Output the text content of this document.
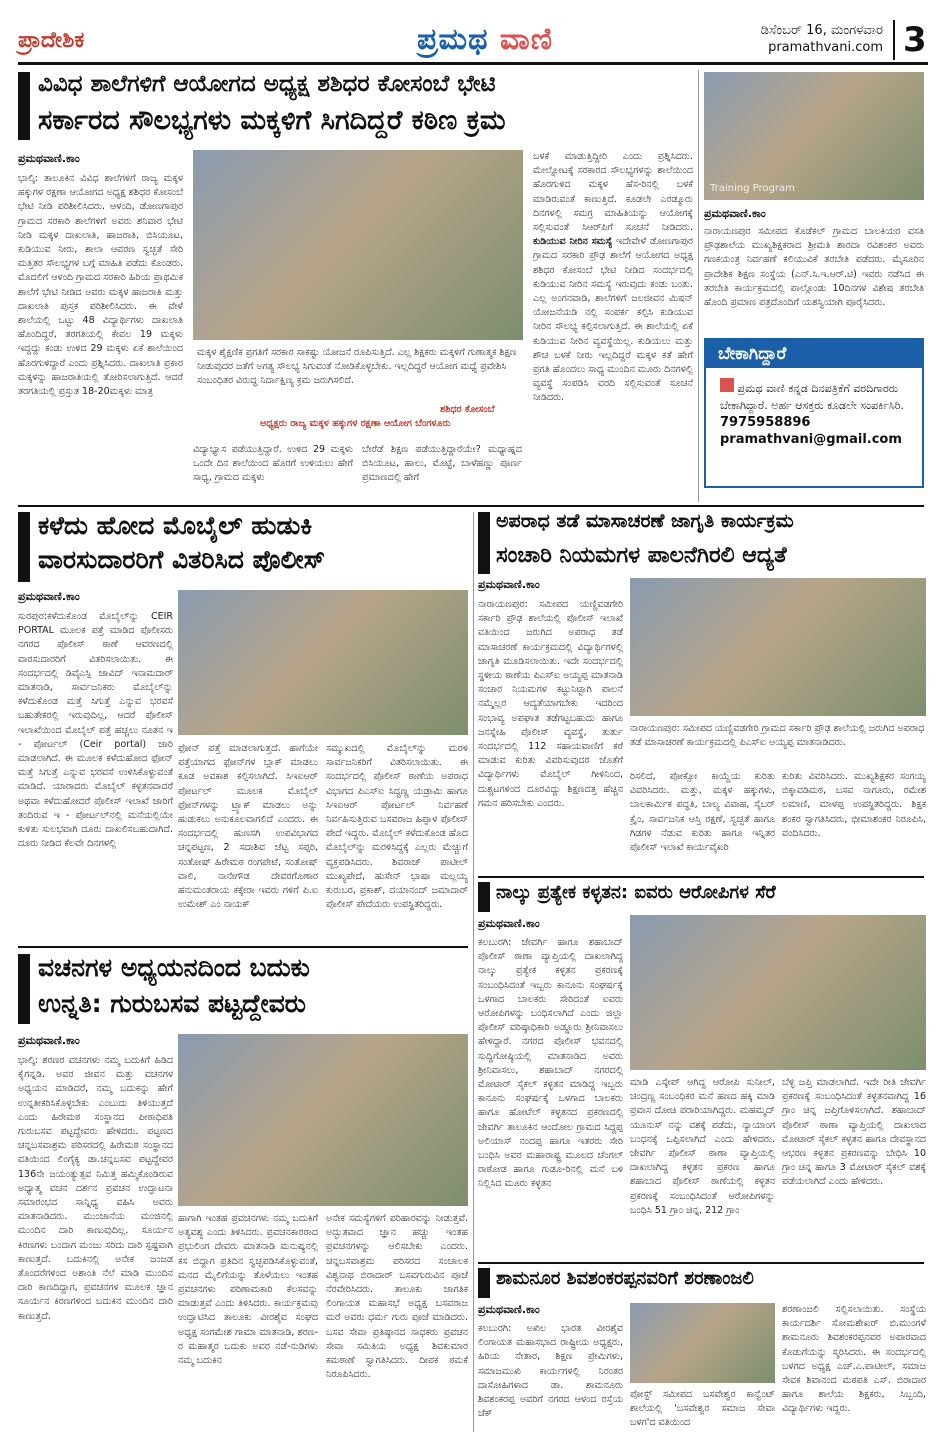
ಪ್ರಾದೇಶಿಕ	ಪ್ರಮಥ ವಾಣಿ	ಡಿಸೆಂಬರ್ 16, ಮಂಗಳವಾರ
pramathvani.com 3
ವಿವಿಧ ಶಾಲೆಗಳಿಗೆ ಆಯೋಗದ ಅಧ್ಯಕ್ಷ ಶಶಿಧರ ಕೋಸಂಬೆ ಭೇಟಿ
ಸರ್ಕಾರದ ಸೌಲಭ್ಯಗಳು ಮಕ್ಕಳಿಗೆ ಸಿಗದಿದ್ದರೆ ಕಠಿಣ ಕ್ರಮ
ಪ್ರಮಥವಾಣಿ.ಕಾಂ
ಭಾಲ್ಕಿ: ತಾಲೂಕಿನ ವಿವಿಧ ಶಾಲೆಗಳಿಗೆ ರಾಜ್ಯ ಮಕ್ಕಳ ಹಕ್ಕುಗಳ ರಕ್ಷಣಾ ಆಯೋಗದ ಅಧ್ಯಕ್ಷ ಶಶಿಧರ ಕೋಸಂಬೆ ಭೇಟಿ ನೀಡಿ ಪರಿಶೀಲಿಸಿದರು. ಆಳಂದಿ, ಡೋಣಗಾಪುರ ಗ್ರಾಮದ ಸರಕಾರಿ ಶಾಲೆಗಳಿಗೆ ಅವರು ಶನಿವಾರ ಭೇಟಿ ನೀಡಿ ಮಕ್ಕಳ ದಾಖಲಾತಿ, ಹಾಜರಾತಿ, ಬಿಸಿಯೂಟ, ಕುಡಿಯುವ ನೀರು, ಶಾಲಾ ಆವರಣ ಸ್ವಚ್ಛತೆ ಸೇರಿ ಮತ್ತಿತರ ಸೌಲಭ್ಯಗಳ ಬಗ್ಗೆ ಮಾಹಿತಿ ಪಡೆದು ಕೊಂಡರು. ಮೊದಲಿಗೆ ಆಳಂದಿ ಗ್ರಾಮದ ಸರಕಾರಿ ಹಿರಿಯ ಪ್ರಾಥಮಿಕ ಶಾಲೆಗೆ ಭೇಟಿ ನೀಡಿದ ಅವರು ಮಕ್ಕಳ ಹಾಜರಾತಿ ಮತ್ತು ದಾಖಲಾತಿ ಪುಸ್ತಕ ಪರಿಶೀಲಿಸಿದರು. ಈ ವೇಳೆ ಶಾಲೆಯಲ್ಲಿ ಒಟ್ಟು 48 ವಿದ್ಯಾರ್ಥಿಗಳು ದಾಖಲಾತಿ ಹೊಂದಿದ್ದರೆ, ತರಗತಿಯಲ್ಲಿ ಕೇವಲ 19 ಮಕ್ಕಳು ಇದ್ದದ್ದು ಕಂಡು ಉಳಿದ 29 ಮಕ್ಕಳು ಏಕೆ ಶಾಲೆಯಿಂದ ಹೊರಗುಳಿದ್ದಾರೆ ಎಂದು ಪ್ರಶ್ನಿಸಿದರು. ದಾಖಲಾತಿ ಪ್ರಕಾರ ಮಕ್ಕಳನ್ನು ಹಾಜರಾತಿಯಲ್ಲಿ ತೋರಿಸಲಾಗುತ್ತಿದೆ. ಆದರೆ ತರಗತಿಯಲ್ಲಿ ಪ್ರಸ್ತುತ 18-20ಮಕ್ಕಳು ಮಾತ್ರ
ಮಕ್ಕಳ ಶೈಕ್ಷಣಿಕ ಪ್ರಗತಿಗೆ ಸರಕಾರ ಸಾಕಷ್ಟು ಯೋಜನೆ ರೂಪಿಸುತ್ತಿದೆ. ಎಲ್ಲ ಶಿಕ್ಷಕರು ಮಕ್ಕಳಿಗೆ ಗುಣಾತ್ಮಕ ಶಿಕ್ಷಣ ನೀಡುವುದರ ಜತೆಗೆ ಅಗತ್ಯ ಸೌಲಭ್ಯ ಸಿಗುವಂತೆ ನೋಡಿಕೊಳ್ಳಬೇಕು. ಇಲ್ಲದಿದ್ದರೆ ಆಯೋಗ ಮಧ್ಯೆ ಪ್ರವೇಶಿಸಿ ಸಂಬಂಧಿತರ ವಿರುದ್ಧ ನಿರ್ದಾಕ್ಷಿಣ್ಯ ಕ್ರಮ ಜರುಗಿಸಲಿದೆ.
ಶಶಿಧರ ಕೋಸಂಬೆ
ಅಧ್ಯಕ್ಷರು ರಾಜ್ಯ ಮಕ್ಕಳ ಹಕ್ಕುಗಳ ರಕ್ಷಣಾ ಆಯೋಗ ಬೆಂಗಳೂರು
ವಿದ್ಯಾಭ್ಯಾಸ ಪಡೆಯುತ್ತಿದ್ದಾರೆ. ಉಳಿದ 29 ಮಕ್ಕಳು ಒಂದೇ ದಿನ ಶಾಲೆಯಿಂದ ಹೊರಗೆ ಉಳಿಯಲು ಹೇಗೆ ಸಾಧ್ಯ, ಗ್ರಾಮದ ಮಕ್ಕಳು
ಬೇರೆಡೆ ಶಿಕ್ಷಣ ಪಡೆಯುತ್ತಿದ್ದಾರೆಯೇ? ಮಧ್ಯಾಹ್ನದ ಬಿಸಿಯೂಟ, ಹಾಲು, ಮೊಟ್ಟೆ, ಬಾಳೆಹಣ್ಣು ಪೂರ್ಣ ಪ್ರಮಾಣದಲ್ಲಿ ಹೇಗೆ
ಬಳಕೆ ಮಾಡುತ್ತಿದ್ದೀರಿ ಎಂದು ಪ್ರಶ್ನಿಸಿದರು. ಮೇಲ್ನೋಟಕ್ಕೆ ಸರಕಾರದ ಸೌಲಭ್ಯಗಳನ್ನು ಶಾಲೆಯಿಂದ ಹೊರಗುಳಿದ ಮಕ್ಕಳ ಹೆಸ-ರಿನಲ್ಲಿ ಬಳಕೆ ಮಾಡಿರುವಂತೆ ಕಾಣುತ್ತಿದೆ. ಕೂಡಲೇ ಎರಡ್ಮೂರು ದಿನಗಳಲ್ಲಿ ಸಮಗ್ರ ಮಾಹಿತಿಯನ್ನು ಆಯೋಗಕ್ಕೆ ಸಲ್ಲಿಸುವಂತೆ ಸಿಆರ್‌ಪಿಗೆ ಸೂಚನೆ ನೀಡಿದರು. ಕುಡಿಯುವ ನೀರಿನ ಸಮಸ್ಯೆ ಇದೇವೇಳೆ ಡೋಣಗಾಪುರ ಗ್ರಾಮದ ಸರಕಾರಿ ಪ್ರೌಢ ಶಾಲೆಗೆ ಆಯೋಗದ ಅಧ್ಯಕ್ಷ ಶಶಿಧರ ಕೋಸಂಬೆ ಭೇಟಿ ನೀಡಿದ ಸಂದರ್ಭದಲ್ಲಿ ಕುಡಿಯುವ ನೀರಿನ ಸಮಸ್ಯೆ ಇರುವುದು ಕಂಡು ಬಂತು. ಎಲ್ಲ ಅಂಗನವಾಡಿ, ಶಾಲೆಗಳಿಗೆ ಜಲಜೀವನ ಮಿಷನ್ ಯೋಜನೆಯಡಿ ನಲ್ಲಿ ಸಂಪರ್ಕ ಕಲ್ಪಿಸಿ ಕುಡಿಯುವ ನೀರಿನ ಸೌಲಭ್ಯ ಕಲ್ಪಿಸಲಾಗುತ್ತಿದೆ. ಈ ಶಾಲೆಯಲ್ಲಿ ಏಕೆ ಕುಡಿಯುವ ನೀರಿನ ವ್ಯವಸ್ಥೆಯಿಲ್ಲ. ಕುಡಿಯಲು ಮತ್ತು ಶೌಚ ಬಳಕೆ ನೀರು ಇಲ್ಲದಿದ್ದರೆ ಮಕ್ಕಳ ಕತೆ ಹೇಗೆ ಪ್ರಗತಿ ಹೊಂದಲು ಸಾಧ್ಯ ಮುಂದಿನ ಮೂರು ದಿನಗಳಲ್ಲಿ ವ್ಯವಸ್ಥೆ ಸಂಪಡಿಸಿ ವರದಿ ಸಲ್ಲಿಸುವಂತೆ ಸೂಚನೆ ನೀಡಿದರು.
Training Program
ಪ್ರಮಥವಾಣಿ.ಕಾಂ
ನಾರಾಯಣಪುರ ಸಮೀಪದ ಕೊಡೆಕಲ್ ಗ್ರಾಮದ ಬಾಲಕಿಯರ ವಸತಿ ಪ್ರೌಢಶಾಲೆಯ ಮುಖ್ಯಶಿಕ್ಷಕರಾದ ಶ್ರೀಮತಿ ಶಾರದಾ ರವಿಶಂಕರ ಅವರು ಗಣಕಯಂತ್ರ ನಿರ್ವಹಣೆ ಕಲಿಯುವಿಕೆ ತರಬೇತಿ ಪಡೆದರು. ಮೈಸೂರಿನ ಪ್ರಾದೇಶಿಕ ಶಿಕ್ಷಣ ಸಂಸ್ಥೆಯ (ಎನ್.ಸಿ.ಇ.ಆರ್.ಟಿ) ಇವರು ನಡೆಸಿದ ಈ ತರಬೇತಿ ಕಾರ್ಯಕ್ರಮದಲ್ಲಿ ಪಾಲ್ಗೊಂಡು 10ದಿನಗಳ ವಿಶೇಷ ತರಬೇತಿ ಹೊಂದಿ ಪ್ರಮಾಣ ಪತ್ರದೊಂದಿಗೆ ಯಶಸ್ವಿಯಾಗಿ ಪೂರೈಸಿದರು.
ಬೇಕಾಗಿದ್ದಾರೆ
ಪ್ರಮಥ ವಾಣಿ ಕನ್ನಡ ದಿನಪತ್ರಿಕೆಗೆ ವರದಿಗಾರರು ಬೇಕಾಗಿದ್ದಾರೆ. ಅರ್ಹ ಆಸಕ್ತರು ಕೂಡಲೇ ಸಂಪರ್ಕಿಸಿರಿ.
7975958896
pramathvani@gmail.com
ಕಳೆದು ಹೋದ ಮೊಬೈಲ್ ಹುಡುಕಿ
ವಾರಸುದಾರರಿಗೆ ವಿತರಿಸಿದ ಪೊಲೀಸ್
ಪ್ರಮಥವಾಣಿ.ಕಾಂ
ಸುರಪುರ:ಕಳೆದುಕೊಂಡ ಮೊಬೈಲ್‌ನ್ನು CEIR PORTAL ಮೂಲಕ ಪತ್ತೆ ಮಾಡಿದ ಪೊಲೀಸರು ನಗರದ ಪೊಲೀಸ್ ಠಾಣೆ ಆವರಣದಲ್ಲಿ ವಾರಸುದಾರರಿಗೆ ವಿತರಿಸಲಾಯಿತು. ಈ ಸಂದರ್ಭದಲ್ಲಿ ಡಿವೈಎಸ್ಪಿ ಜಾವಿದ್ ಇನಾಮದಾರ್ ಮಾತನಾಡಿ, ಸಾರ್ವಜನಿಕರು ಮೊಬೈಲ್‌ನ್ನು ಕಳೆದುಕೊಂಡ ಮತ್ತೆ ಸಿಗುತ್ತೆ ಎನ್ನುವ ಭರವಸೆ ಬಹುತೇಕರಲ್ಲಿ ಇರುವುದಿಲ್ಲ, ಆದರೆ ಪೊಲೀಸ್ ಇಲಾಖೆಯಿಂದ ಮೊಬೈಲ್ ಪತ್ತೆ ಹಚ್ಚಲು ನೂತನ ಇ - ಪೋರ್ಟಲ್ (Ceir portal) ಜಾರಿ ಮಾಡಲಾಗಿದೆ. ಈ ಮೂಲಕ ಕಳೆದುಹೋದ ಫೋನ್ ಮತ್ತೆ ಸಿಗುತ್ತೆ ಎನ್ನುವ ಭರವಸೆ ಉಳಿಸಿಕೊಳ್ಳುವಂತೆ ಮಾಡಿದೆ. ಯಾರಾದರು ಮೊಬೈಲ್ ಕಳ್ಳತನವಾದರೆ ಅಥವಾ ಕಳೆದುಹೋದರೆ ಪೊಲೀಸ್ ಇಲಾಖೆ ಜಾರಿಗೆ ತಂದಿರುವ ಇ - ಪೋರ್ಟಲ್‌ನಲ್ಲಿ ಮನೆಯಲ್ಲಿಯೇ ಕುಳಿತು ಸುಲಭವಾಗಿ ದೂರು ದಾಖಲಿಸಬಹುದಾಗಿದೆ. ದೂರು ನೀಡಿದ ಕೆಲವೇ ದಿನಗಳಲ್ಲಿ
ಫೋನ್ ಪತ್ತೆ ಮಾಡಲಾಗುತ್ತದೆ. ಹಾಗೆಯೇ ಪತ್ತೆಯಾಗದ ಫೋನ್‌ಗಳ ಬ್ಲಾಕ್ ಮಾಡಲು ಕೂಡ ಅವಕಾಶ ಕಲ್ಪಿಸಲಾಗಿದೆ. ಸಿಇಐಆರ್ ಪೋರ್ಟಲ್ ಮೂಲಕ ಮೊಬೈಲ್ ಫೋನ್‌ಗಳನ್ನು ಟ್ರ್ಯಾಕ್ ಮಾಡಲು ಅನ್ನು ಹುಡುಕಲು ಅನುಕೂಲವಾಗಲಿದೆ ಎಂದರು. ಈ ಸಂದರ್ಭದಲ್ಲಿ ಹುಣಸಗಿ ಉಪವಿಭಾಗದ ಚನ್ನಪಟ್ಟಣ, 2 ಸದಾಶಿವ ಜೆಟ್ಟ ಸಪ್ಪರಿ, ಸಂತೋಷ್ ಹಿರೇಮಠ ರಂಗಪೇಟೆ, ಸಂತೋಷ್ ವಾಲಿ, ನಾನೇಗೌಡ ದೇವರಗೊಣಾರ ಹನುಮಂತರಾಯ ಕಕ್ಕೇರಾ ಇವರು ಗಳಿಗೆ ಪಿ.ಐ ಉಮೇಶ್ ಎಂ ನಾಯಕ್
ಸಮ್ಮುಖದಲ್ಲಿ ಮೊಬೈಲ್‌ನ್ನು ಮರಳಿ ಸಾರ್ವಜನಿಕರಿಗೆ ವಿತರಿಸಲಾಯಿತು. ಈ ಸಂದರ್ಭದಲ್ಲಿ ಪೊಲೀಸ್ ಠಾಣೆಯ ಅಪರಾಧ ವಿಭಾಗದ ಪಿಎಸ್ಐ ಸಿದ್ದಣ್ಣ ಯಡ್ರಾಮಿ ಹಾಗೂ ಸಿಇಐಆರ್ ಪೋರ್ಟಲ್ ನಿರ್ವಹಣೆ ನಿರ್ವಹಿಸುತ್ತಿರುವ ಬಸವರಾಜ ಹಿಪ್ಪಾಳ ಪೊಲೀಸ್ ಪೇದೆ ಇದ್ದರು. ಮೊಬೈಲ್ ಕಳೆದುಕೊಂಡ ಹೊದ ಮೊಬೈಲ್‌ನ್ನು ಮರಳಿಸಿದ್ದಕ್ಕೆ ಎಲ್ಲರು ಮೆಚ್ಚುಗೆ ವ್ಯಕ್ತಪಡಿಸಿದರು. ಶಿವರಾಜ್ ಪಾಟೀಲ್ ಮುಖ್ಯಪೇದೆ, ಹುಸೇನ್ ಭಾಷಾ ಮಲ್ಲಯ್ಯ ಕುರುಬರ, ಪ್ರಕಾಶ್, ದಯಾನಂದ್ ಜಮಾದಾರ್ ಪೊಲೀಸ್ ಪೇದೆಯರು ಉಪಸ್ಥಿತರಿದ್ದರು.
ಅಪರಾಧ ತಡೆ ಮಾಸಾಚರಣೆ ಜಾಗೃತಿ ಕಾರ್ಯಕ್ರಮ
ಸಂಚಾರಿ ನಿಯಮಗಳ ಪಾಲನೆಗಿರಲಿ ಆದ್ಯತೆ
ಪ್ರಮಥವಾಣಿ.ಕಾಂ
ನಾರಾಯಣಪುರ: ಸಮೀಪದ ಯಣ್ಣಿವಡಗೇರಿ ಸರ್ಕಾರಿ ಪ್ರೌಢ ಶಾಲೆಯಲ್ಲಿ ಪೊಲೀಸ್ ಇಲಾಖೆ ವತಿಯಿಂದ ಜರುಗಿದ ಅಪರಾಧ ತಡೆ ಮಾಸಾಚರಣೆ ಕಾರ್ಯಕ್ರಮದಲ್ಲಿ ವಿದ್ಯಾರ್ಥಿಗಳಲ್ಲಿ ಜಾಗೃತಿ ಮೂಡಿಸಲಾಯಿತು. ಇದೇ ಸಂದರ್ಭದಲ್ಲಿ ಸ್ಥಳೀಯ ಠಾಣೆಯ ಪಿಎಸ್‌ಐ ಅಯ್ಯಪ್ಪ ಮಾತನಾಡಿ ಸಂಚಾರ ನಿಯಮಗಳ ಕಟ್ಟುನಿಟ್ಟಾಗಿ ಪಾಲನೆ ನಮ್ಮೆಲ್ಲರ ಆದ್ಯತೆಯಾಗಬೇಕು ಇದರಿಂದ ಸಂಭಾವ್ಯ ಅಪಘಾತ ತಡೆಗಟ್ಟಬಹುದು ಹಾಗೂ ಜನಸ್ನೇಹಿ ಪೊಲೀಸ್ ವ್ಯವಸ್ಥೆ, ತುರ್ತು ಸಂದರ್ಭದಲ್ಲಿ 112 ಸಹಾಯವಾಣಿಗೆ ಕರೆ ಮಾಡುವ ಕುರಿತು ವಿವರಿಸುವುದರ ಜೊತೆಗೆ ವಿದ್ಯಾರ್ಥಿಗಳು ಮೊಬೈಲ್ ಗೀಳಿನಿಂದ, ದುಶ್ಚಟಗಳಿಂದ ದೂರವಿದ್ದು ಶಿಕ್ಷಣದತ್ತ ಹೆಚ್ಚಿನ ಗಮನ ಹರಿಸಬೇಕು ಎಂದರು.
ನಾರಾಯಣಪುರ: ಸಮೀಪದ ಯಣ್ಣಿವಡಗೇರಿ ಗ್ರಾಮದ ಸರ್ಕಾರಿ ಪ್ರೌಢ ಶಾಲೆಯಲ್ಲಿ ಜರುಗಿದ ಅಪರಾಧ ತಡೆ ಮಾಸಾಚರಣೆ ಕಾರ್ಯಕ್ರಮದಲ್ಲಿ ಪಿಎಸ್‌ಐ ಅಯ್ಯಪ್ಪ ಮಾತನಾಡಿದರು.
ರಿಸಲಿದೆ, ಪೋಕ್ಸೋ ಕಾಯ್ದೆಯ ಕುರಿತು ವಿವರಿಸಿದರು. ಮತ್ತು, ಮಕ್ಕಳ ಹಕ್ಕುಗಳು, ಬಾಲಕಾರ್ಮಿಕ ಪದ್ಧತಿ, ಬಾಲ್ಯ ವಿವಾಹ, ಸೈಬರ್ ಕ್ರೈಂ, ಸಾರ್ವಜನಿಕ ಆಸ್ತಿ ರಕ್ಷಣೆ, ಸ್ವಚ್ಛತೆ ಹಾಗೂ ಗಿಡಗಳ ನೆಡುವ ಕುರಿತು ಹಾಗೂ ಇನ್ನಿತರ ಪೊಲೀಸ್ ಇಲಾಖೆ ಕಾರ್ಯವೈಖರಿ
ಕುರಿತು ವಿವರಿಸಿದರು. ಮುಖ್ಯಶಿಕ್ಷಕರ ಸಂಗಯ್ಯ ಬಿಕ್ಕಾವಡಿಮಠ, ಬಸವ ನಾಗೂರು, ರಮೇಶ ಲಮಾಣಿ, ಮಾಳಪ್ಪ ಉಪಸ್ಥಿತರಿದ್ದರು. ಶಿಕ್ಷಕ ಶಂಕರ ಸ್ವಾಗತಿಸಿದರು, ಭೀಮಾಶಂಕರ ನಿರೂಪಿಸಿ, ವಂದಿಸಿದರು.
ನಾಲ್ಕು ಪ್ರತ್ಯೇಕ ಕಳ್ಳತನ: ಐವರು ಆರೋಪಿಗಳ ಸೆರೆ
ಪ್ರಮಥವಾಣಿ.ಕಾಂ
ಕಲಬುರಗಿ: ಜೇವರ್ಗಿ ಹಾಗೂ ಶಹಾಬಾದ್ ಪೊಲೀಸ್ ಠಾಣಾ ವ್ಯಾಪ್ತಿಯಲ್ಲಿ ದಾಖಲಾಗಿದ್ದ ನಾಲ್ಕು ಪ್ರತ್ಯೇಕ ಕಳ್ಳತನ ಪ್ರಕರಣಕ್ಕೆ ಸಂಬಂಧಿಸಿದಂತೆ ಇಬ್ಬರು ಕಾನೂನು ಸಂಘರ್ಷಕ್ಕೆ ಒಳಗಾದ ಬಾಲಕರು ಸೇರಿದಂತೆ ಐವರು ಆರೋಪಿಗಳನ್ನು ಬಂಧಿಸಲಾಗಿದೆ ಎಂದು ಜಿಲ್ಲಾ ಪೊಲೀಸ್ ವರಿಷ್ಠಾಧಿಕಾರಿ ಅಡ್ಡೂರು ಶ್ರೀನಿವಾಸಲು ಹೇಳಿದ್ದಾರೆ. ನಗರದ ಪೊಲೀಸ್ ಭವನದಲ್ಲಿ ಸುದ್ದಿಗೋಷ್ಠಿಯಲ್ಲಿ ಮಾತನಾಡಿದ ಅವರು ಶ್ರೀನಿವಾಸಲು, ಶಹಾಬಾದ್ ನಗರದಲ್ಲಿ ಮೋಟಾರ್ ಸೈಕಲ್ ಕಳ್ಳತನ ಮಾಡಿದ್ದ ಇಬ್ಬರು ಕಾನೂನು ಸಂಘರ್ಷಕ್ಕೆ ಒಳಗಾದ ಬಾಲಕರು ಹಾಗೂ ಹೋಟೆಲ್ ಕಳ್ಳತನದ ಪ್ರಕರಣದಲ್ಲಿ ಜೇವರ್ಗಿ ತಾಲೂಕಿನ ಆಂದೋಲ ಗ್ರಾಮದ ಸಿದ್ದಪ್ಪ ಅಲಿಯಾಸ್ ನಂದಪ್ಪ ಹಾಗೂ ಇತರರು ಸೇರಿ ಬಂಧಿಸಿ ಅವರ ಮಹಾರಾಷ್ಟ್ರ ಮೂಲದ ಚೆಂಗಲ್ ರಾಠೋಡ ಹಾಗೂ ಗುಡೂ-ರಿನಲ್ಲಿ ಮನೆ ಬಳಿ ನಿಲ್ಲಿಸಿದ ಮೂರು ಕಳ್ಳತನ
ಮಾಡಿ ಎಸ್ಕೇಪ್ ಆಗಿದ್ದ ಆರೋಪಿ ಸುನೀಲ್, ಚಂದ್ರಣ್ಣ ಸಂಬಂಧಿಕರ ಮನೆ ಹಣದ ಹಕ್ಕಿ ಮಾಡಿ ಪ್ರವಾಸ ದೋಚಿ ಪರಾರಿಯಾಗಿದ್ದರು. ಮಹಮ್ಮದ್ ಯೂನುಸ್ ನನ್ನು ವಶಕ್ಕೆ ಪಡೆದು, ನ್ಯಾಯಾಂಗ ಬಂಧನಕ್ಕೆ ಒಪ್ಪಿಸಲಾಗಿದೆ ಎಂದು ಹೇಳಿದರು. ಜೇವರ್ಗಿ ಪೊಲೀಸ್ ಠಾಣಾ ವ್ಯಾಪ್ತಿಯಲ್ಲಿ ದಾಖಲಾಗಿದ್ದ ಕಳ್ಳತನ ಪ್ರಕರಣ ಹಾಗೂ ಶಹಾಬಾದ ಪೊಲೀಸ್ ಠಾಣೆಯಲ್ಲಿ ಕಳ್ಳತನ ಪ್ರಕರಣಕ್ಕೆ ಸಂಬಂಧಿಸಿದಂತೆ ಆರೋಪಿಗಳನ್ನು ಬಂಧಿಸಿ 51 ಗ್ರಾಂ ಚಿನ್ನ, 212 ಗ್ರಾಂ
ಬೆಳ್ಳಿ ಜಪ್ತಿ ಮಾಡಲಾಗಿದೆ. ಇದೇ ರೀತಿ ಜೇವರ್ಗಿ ಪ್ರಕರಣಕ್ಕೆ ಸಂಬಂಧಿಸಿದಂತೆ ಕಳ್ಳತನವಾಗಿದ್ದ 16 ಗ್ರಾಂ ಚಿನ್ನ ಜಪ್ತಿಗೊಳಿಸಲಾಗಿದೆ. ಶಹಾಬಾದ್ ಪೊಲೀಸ್ ಠಾಣಾ ವ್ಯಾಪ್ತಿಯಲ್ಲಿ ದಾಖಲಾದ ಮೋಟಾರ್ ಸೈಕಲ್ ಕಳ್ಳತನ ಹಾಗೂ ದೇವಸ್ಥಾನದ ಆಭರಣ ಕಳ್ಳತನ ಪ್ರಕರಣವನ್ನು ಬೇಧಿಸಿ 10 ಗ್ರಾಂ ಚಿನ್ನ ಹಾಗೂ 3 ಮೋಟಾರ್ ಸೈಕಲ್ ವಶಕ್ಕೆ ಪಡೆಯಲಾಗಿದೆ ಎಂದು ಹೇಳಿದರು.
ವಚನಗಳ ಅಧ್ಯಯನದಿಂದ ಬದುಕು
ಉನ್ನತಿ: ಗುರುಬಸವ ಪಟ್ಟದ್ದೇವರು
ಪ್ರಮಥವಾಣಿ.ಕಾಂ
ಭಾಲ್ಕಿ: ಶರಣರ ವಚನಗಳು ನಮ್ಮ ಬದುಕಿಗೆ ಹಿಡಿದ ಕೈಗನ್ನಡಿ. ಅವರ ಜೀವನ ಮತ್ತು ವಚನಗಳ ಅಧ್ಯಯನ ಮಾಡಿದರೆ, ನಮ್ಮ ಬದುಕನ್ನು ಹೇಗೆ ಉನ್ನತೀಕರಿಸಿಕೊಳ್ಳಬೇಕು ಎಂಬುದು ತಿಳಿಯುತ್ತದೆ ಎಂದು ಹಿರೇಮಠ ಸಂಸ್ಥಾನದ ಪೀಠಾಧಿಪತಿ ಗುರುಬಸವ ಪಟ್ಟದ್ದೇವರು ಹೇಳಿದರು. ಪಟ್ಟಣದ ಚನ್ನಬಸವಾಶ್ರಮ ಪರಿಸರದಲ್ಲಿ ಹಿರೇಮಠ ಸಂಸ್ಥಾನದ ವತಿಯಿಂದ ಲಿಂಗೈಕ್ಯ ಡಾ.ಚನ್ನಬಸವ ಪಟ್ಟದ್ದೇವರ 136ನೇ ಜಯಂತ್ಯುತ್ಸವ ನಿಮಿತ್ತ ಹಮ್ಮಿಕೊಂಡಿರುವ ಅಧ್ಯಾತ್ಮ ವಚನ ದರ್ಶನ ಪ್ರವಚನ ಉದ್ಘಾಟನಾ ಸಮಾರಂಭದ ಸಾನ್ನಿಧ್ಯ ವಹಿಸಿ ಅವರು ಮಾತನಾಡಿದರು. ಮುಂಜಾನೆಯ ಮಂಜಿನಲ್ಲಿ ಮುಂದಿನ ದಾರಿ ಕಾಣುವುದಿಲ್ಲ. ಸೂರ್ಯನ ಕಿರಣಗಳು ಬಂದಾಗ ಮಂಜು ಸರಿದು ದಾರಿ ಸ್ಪಷ್ಟವಾಗಿ ಕಾಣುತ್ತದೆ. ಬದುಕಿನಲ್ಲಿ ಅನೇಕ ಜಂಜಡ ತೊಂದರೆಗಳಿಂದ ಅಶಾಂತಿ ನೆಲೆ ಮಾಡಿ ಮುಂದಿನ ದಾರಿ ಕಾಣದಿದ್ದಾಗ, ಪ್ರವಚನಗಳ ಮೂಲಕ ಜ್ಞಾನ ಸೂರ್ಯನ ಕಿರಣಗಳಿಂದ ಬದುಕಿನ ಮುಂದಿನ ದಾರಿ ಕಾಣುತ್ತದೆ.
ಹಾಗಾಗಿ ಇಂತಹ ಪ್ರವಚನಗಳು ನಮ್ಮ ಬದುಕಿಗೆ ಅತ್ಯವಶ್ಯ ಎಂದು ತಿಳಿಸಿದರು. ಪ್ರವಚನಕಾರರಾದ ಪ್ರಭುಲಿಂಗ ದೇವರು ಮಾತನಾಡಿ ಮನುಷ್ಯನಲ್ಲಿ ಕಸ ಬಿದ್ದಾಗ ಪ್ರತಿದಿನ ಸ್ವಚ್ಛಪಡಿಸಿಕೊಳ್ಳುವಂತೆ, ಮನದ ಮೈಲಿಗೆಯನ್ನು ತೊಳೆಯಲು ಇಂತಹ ಪ್ರವಚನಗಳು ಪರಿಣಾಮಕಾರಿ ಕೆಲಸವನ್ನು ಮಾಡುತ್ತವೆ ಎಂದು ತಿಳಿಸಿದರು. ಕಾರ್ಯಕ್ರಮವು ಉದ್ಘಾಟಿಸಿದ ತಾಲೂಕು ವೀರಶೈವ ಸಂಘದ ಅಧ್ಯಕ್ಷ ಸಂಗಮೇಶ ಗಾಮಾ ಮಾತನಾಡಿ, ಶರಣ-ರ ಮಹಾತ್ಮರ ಬದುಕು ಅವರ ನಡೆ-ನುಡಿಗಳು ನಮ್ಮ ಬದುಕಿನ
ಅನೇಕ ಸಮಸ್ಯೆಗಳಿಗೆ ಪರಿಹಾರವನ್ನು ನೀಡುತ್ತವೆ. ಅದ್ಭುತವಾದ ಜ್ಞಾನ ಹಚ್ಚು ಇಂತಹ ಪ್ರವಚನಗಳನ್ನು ಆಲಿಸಬೇಕು ಎಂದರು. ಚನ್ನಬಸವಾಶ್ರಮ ಪರಿಸರದ ಸಂಚಾಲಕ ವಿಶ್ವನಾಥ ಬಿರಾದಾರ್ ಬಸವಗುರುವಿನ ಪೂಜೆ ನೆರವೇರಿಸಿದರು. ತಾಲೂಕು ಜಾಗತಿಕ ಲಿಂಗಾಯತ ಮಹಾಸಭೆ ಅಧ್ಯಕ್ಷ ಬಸವರಾಜ ಮರೆ ಅವರು ಧರ್ಮ ಗುರು ಪೂಜೆ ಮಾಡಿದರು. ಬಸವ ಸೇವಾ ಪ್ರತಿಷ್ಠಾನದ ಸಾಧಕರು ಪ್ರವಚನ ಸೇವಾ ಸಮಿತಿಯ ಅಧ್ಯಕ್ಷ ಶಿವಕುಮಾರ ಕಮಠಾಣೆ ಸ್ವಾಗತಿಸಿದರು. ದೀಪಕ ಠಮಕೆ ನಿರೂಪಿಸಿದರು.
ಶಾಮನೂರ ಶಿವಶಂಕರಪ್ಪನವರಿಗೆ ಶರಣಾಂಜಲಿ
ಪ್ರಮಥವಾಣಿ.ಕಾಂ
ಕಲಬುರಗಿ: ಅಖಿಲ ಭಾರತ ವೀರಶೈವ ಲಿಂಗಾಯತ ಮಹಾಸಭಾದ ರಾಷ್ಟ್ರೀಯ ಅಧ್ಯಕ್ಷರು, ಹಿರಿಯ ನೇತಾರ, ಶಿಕ್ಷಣ ಪ್ರೇಮಿಗಳು, ಸಮಾಜಮುಖಿ ಕಾರ್ಯಗಳಲ್ಲಿ ನಿರಂತರ ದಾಸೋಹಿಗಳಾದ ಡಾ. ಶಾಮನೂರು ಶಿವಶಂಕರಪ್ಪ ಅವರಿಗೆ ನಗರದ ಆಳಂದ ರಸ್ತೆಯ ಚೆಕ್‌
ಪೋಸ್ಟ್ ಸಮೀಪದ ಬಸವೇಶ್ವರ ಕಾನ್ವೆಂಟ್ ಶಾಲೆಯಲ್ಲಿ 'ಬಸವೇಶ್ವರ ಸಮಾಜ ಸೇವಾ ಬಳಗ'ದ ವತಿಯಿಂದ
ಶರಣಾಂಜಲಿ ಸಲ್ಲಿಸಲಾಯಿತು. ಸಂಸ್ಥೆಯ ಕಾರ್ಯದರ್ಶಿ ಸೋಮಶೇಖರ್ ಬಿ.ಮುಂಗಳೆ ಶಾಮನೂರು ಶಿವಶಂಕರಪ್ಪನವರ ಅಪಾರವಾದ ಕೊಡುಗೆಯನ್ನು ಸ್ಮರಿಸಿದರು. ಈ ಸಂದರ್ಭದಲ್ಲಿ ಬಳಗದ ಅಧ್ಯಕ್ಷ ಎಚ್.ಎ.ಪಾಟೀಲ್, ಸಮಾಜ ಸೇವಕ ಶಿವಾನಂದ ಮಠಪತಿ ಎಸ್. ಬಿರಾದಾರ ಹಾಗೂ ಶಾಲೆಯ ಶಿಕ್ಷಕರು, ಸಿಬ್ಬಂದಿ, ವಿದ್ಯಾರ್ಥಿಗಳು ಇದ್ದರು.
